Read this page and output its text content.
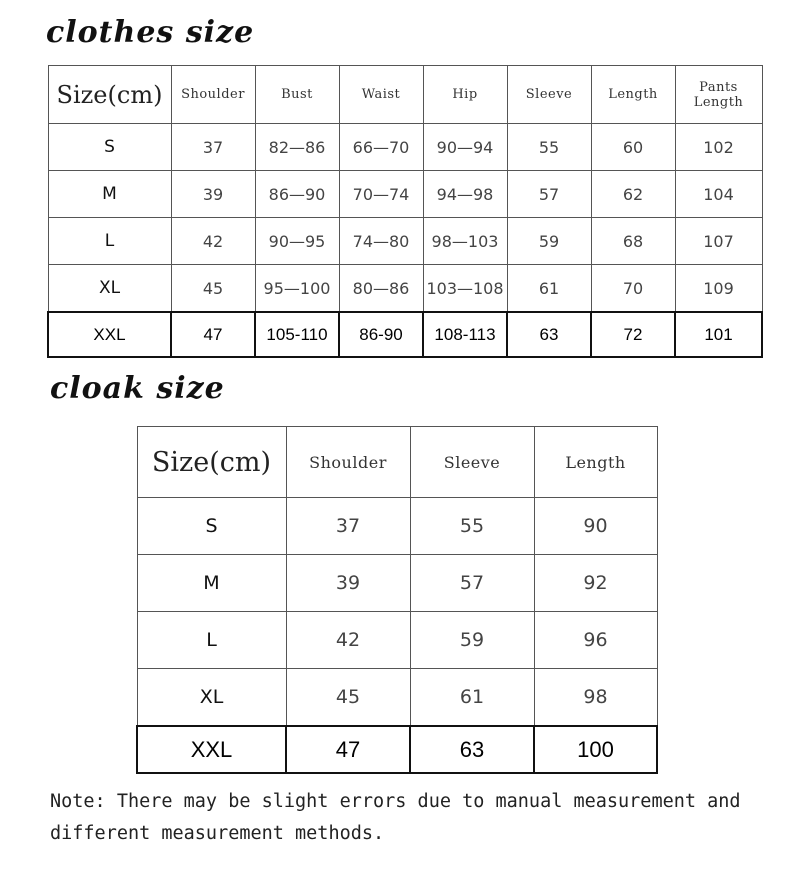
clothes size
Size(cm)	Shoulder	Bust	Waist	Hip	Sleeve	Length	Pants Length
S	37	82—86	66—70	90—94	55	60	102
M	39	86—90	70—74	94—98	57	62	104
L	42	90—95	74—80	98—103	59	68	107
XL	45	95—100	80—86	103—108	61	70	109
XXL	47	105-110	86-90	108-113	63	72	101
cloak size
Size(cm)	Shoulder	Sleeve	Length
S	37	55	90
M	39	57	92
L	42	59	96
XL	45	61	98
XXL	47	63	100

Note: There may be slight errors due to manual measurement and different measurement methods.
